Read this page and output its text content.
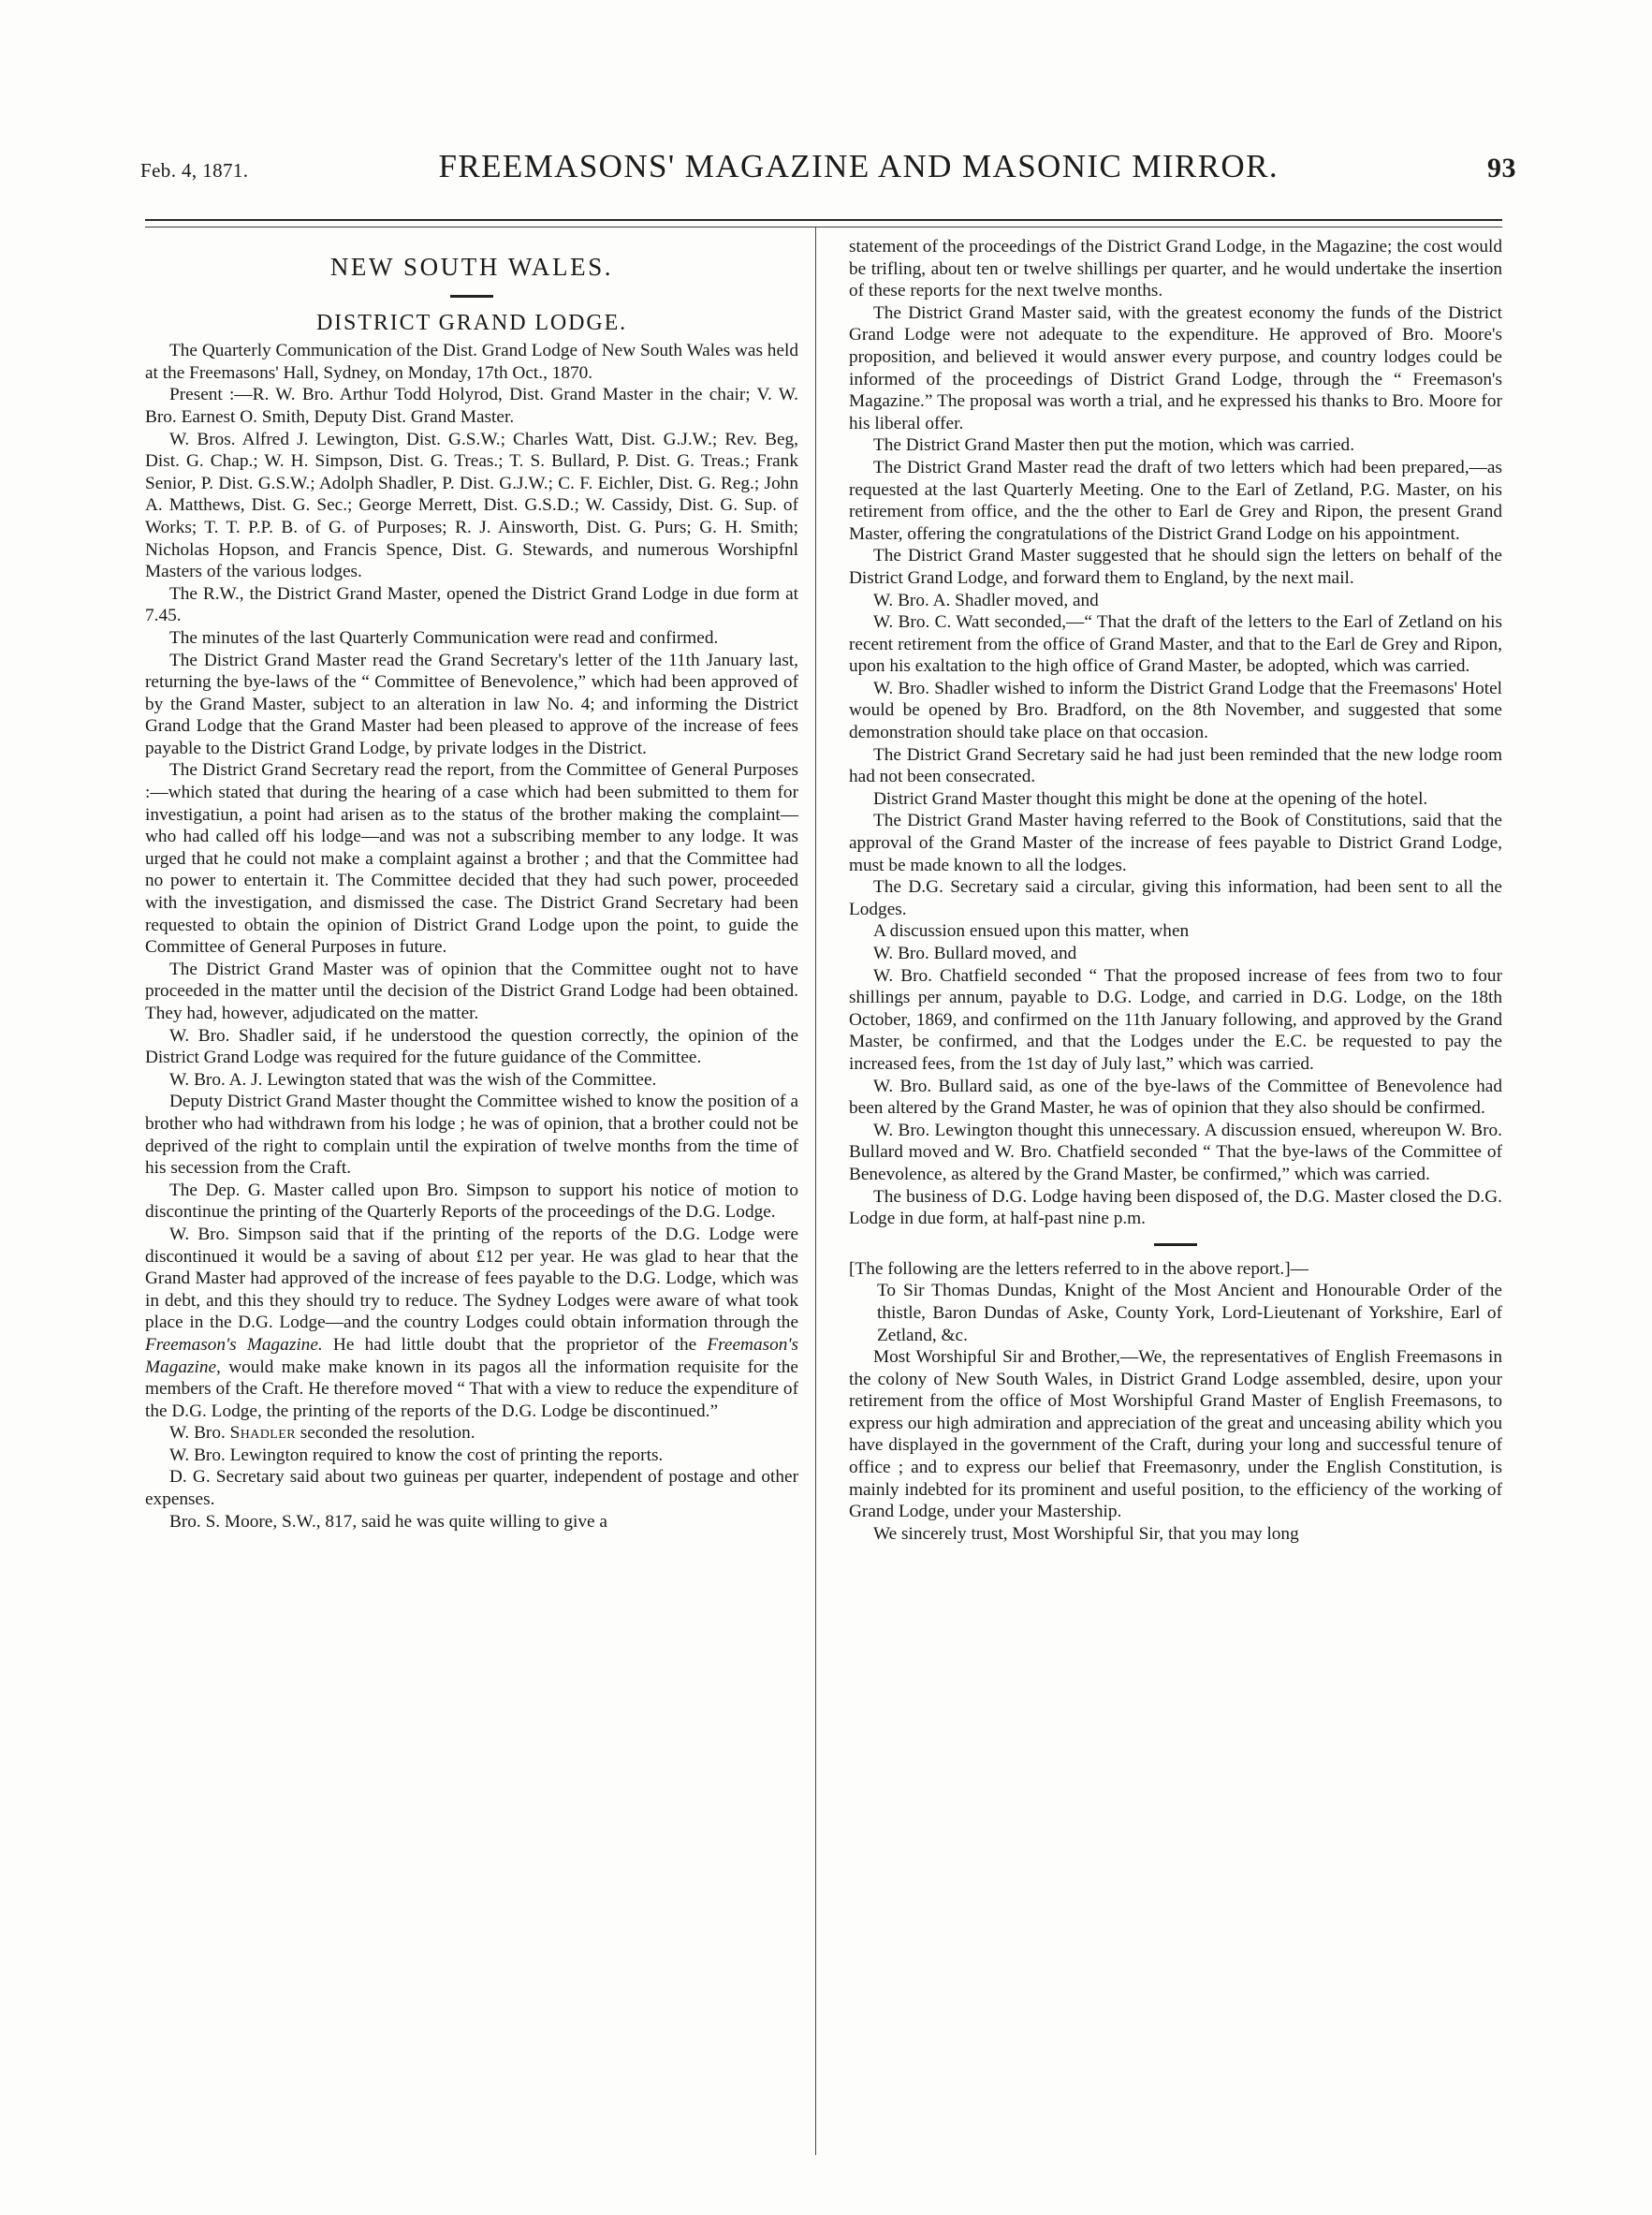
Feb. 4, 1871.	FREEMASONS' MAGAZINE AND MASONIC MIRROR.	93
NEW SOUTH WALES.
DISTRICT GRAND LODGE.

The Quarterly Communication of the Dist. Grand Lodge of New South Wales was held at the Freemasons' Hall, Sydney, on Monday, 17th Oct., 1870.

Present :—R. W. Bro. Arthur Todd Holyrod, Dist. Grand Master in the chair; V. W. Bro. Earnest O. Smith, Deputy Dist. Grand Master.

W. Bros. Alfred J. Lewington, Dist. G.S.W.; Charles Watt, Dist. G.J.W.; Rev. Beg, Dist. G. Chap.; W. H. Simpson, Dist. G. Treas.; T. S. Bullard, P. Dist. G. Treas.; Frank Senior, P. Dist. G.S.W.; Adolph Shadler, P. Dist. G.J.W.; C. F. Eichler, Dist. G. Reg.; John A. Matthews, Dist. G. Sec.; George Merrett, Dist. G.S.D.; W. Cassidy, Dist. G. Sup. of Works; T. T. P.P. B. of G. of Purposes; R. J. Ainsworth, Dist. G. Purs; G. H. Smith; Nicholas Hopson, and Francis Spence, Dist. G. Stewards, and numerous Worshipfnl Masters of the various lodges.

The R.W., the District Grand Master, opened the District Grand Lodge in due form at 7.45.

The minutes of the last Quarterly Communication were read and confirmed.

The District Grand Master read the Grand Secretary's letter of the 11th January last, returning the bye-laws of the “ Committee of Benevolence,” which had been approved of by the Grand Master, subject to an alteration in law No. 4; and informing the District Grand Lodge that the Grand Master had been pleased to approve of the increase of fees payable to the District Grand Lodge, by private lodges in the District.

The District Grand Secretary read the report, from the Committee of General Purposes :—which stated that during the hearing of a case which had been submitted to them for investigatiun, a point had arisen as to the status of the brother making the complaint—who had called off his lodge—and was not a subscribing member to any lodge. It was urged that he could not make a complaint against a brother ; and that the Committee had no power to entertain it. The Committee decided that they had such power, proceeded with the investigation, and dismissed the case. The District Grand Secretary had been requested to obtain the opinion of District Grand Lodge upon the point, to guide the Committee of General Purposes in future.

The District Grand Master was of opinion that the Committee ought not to have proceeded in the matter until the decision of the District Grand Lodge had been obtained. They had, however, adjudicated on the matter.

W. Bro. Shadler said, if he understood the question correctly, the opinion of the District Grand Lodge was required for the future guidance of the Committee.

W. Bro. A. J. Lewington stated that was the wish of the Committee.

Deputy District Grand Master thought the Committee wished to know the position of a brother who had withdrawn from his lodge ; he was of opinion, that a brother could not be deprived of the right to complain until the expiration of twelve months from the time of his secession from the Craft.

The Dep. G. Master called upon Bro. Simpson to support his notice of motion to discontinue the printing of the Quarterly Reports of the proceedings of the D.G. Lodge.

W. Bro. Simpson said that if the printing of the reports of the D.G. Lodge were discontinued it would be a saving of about £12 per year. He was glad to hear that the Grand Master had approved of the increase of fees payable to the D.G. Lodge, which was in debt, and this they should try to reduce. The Sydney Lodges were aware of what took place in the D.G. Lodge—and the country Lodges could obtain information through the Freemason's Magazine. He had little doubt that the proprietor of the Freemason's Magazine, would make make known in its pagos all the information requisite for the members of the Craft. He therefore moved “ That with a view to reduce the expenditure of the D.G. Lodge, the printing of the reports of the D.G. Lodge be discontinued.”

W. Bro. Shadler seconded the resolution.

W. Bro. Lewington required to know the cost of printing the reports.

D. G. Secretary said about two guineas per quarter, independent of postage and other expenses.

Bro. S. Moore, S.W., 817, said he was quite willing to give a

statement of the proceedings of the District Grand Lodge, in the Magazine; the cost would be trifling, about ten or twelve shillings per quarter, and he would undertake the insertion of these reports for the next twelve months.

The District Grand Master said, with the greatest economy the funds of the District Grand Lodge were not adequate to the expenditure. He approved of Bro. Moore's proposition, and believed it would answer every purpose, and country lodges could be informed of the proceedings of District Grand Lodge, through the “ Freemason's Magazine.” The proposal was worth a trial, and he expressed his thanks to Bro. Moore for his liberal offer.

The District Grand Master then put the motion, which was carried.

The District Grand Master read the draft of two letters which had been prepared,—as requested at the last Quarterly Meeting. One to the Earl of Zetland, P.G. Master, on his retirement from office, and the the other to Earl de Grey and Ripon, the present Grand Master, offering the congratulations of the District Grand Lodge on his appointment.

The District Grand Master suggested that he should sign the letters on behalf of the District Grand Lodge, and forward them to England, by the next mail.

W. Bro. A. Shadler moved, and

W. Bro. C. Watt seconded,—“ That the draft of the letters to the Earl of Zetland on his recent retirement from the office of Grand Master, and that to the Earl de Grey and Ripon, upon his exaltation to the high office of Grand Master, be adopted, which was carried.

W. Bro. Shadler wished to inform the District Grand Lodge that the Freemasons' Hotel would be opened by Bro. Bradford, on the 8th November, and suggested that some demonstration should take place on that occasion.

The District Grand Secretary said he had just been reminded that the new lodge room had not been consecrated.

District Grand Master thought this might be done at the opening of the hotel.

The District Grand Master having referred to the Book of Constitutions, said that the approval of the Grand Master of the increase of fees payable to District Grand Lodge, must be made known to all the lodges.

The D.G. Secretary said a circular, giving this information, had been sent to all the Lodges.

A discussion ensued upon this matter, when

W. Bro. Bullard moved, and

W. Bro. Chatfield seconded “ That the proposed increase of fees from two to four shillings per annum, payable to D.G. Lodge, and carried in D.G. Lodge, on the 18th October, 1869, and confirmed on the 11th January following, and approved by the Grand Master, be confirmed, and that the Lodges under the E.C. be requested to pay the increased fees, from the 1st day of July last,” which was carried.

W. Bro. Bullard said, as one of the bye-laws of the Committee of Benevolence had been altered by the Grand Master, he was of opinion that they also should be confirmed.

W. Bro. Lewington thought this unnecessary. A discussion ensued, whereupon W. Bro. Bullard moved and W. Bro. Chatfield seconded “ That the bye-laws of the Committee of Benevolence, as altered by the Grand Master, be confirmed,” which was carried.

The business of D.G. Lodge having been disposed of, the D.G. Master closed the D.G. Lodge in due form, at half-past nine p.m.

[The following are the letters referred to in the above report.]—

To Sir Thomas Dundas, Knight of the Most Ancient and Honourable Order of the thistle, Baron Dundas of Aske, County York, Lord-Lieutenant of Yorkshire, Earl of Zetland, &c.

Most Worshipful Sir and Brother,—We, the representatives of English Freemasons in the colony of New South Wales, in District Grand Lodge assembled, desire, upon your retirement from the office of Most Worshipful Grand Master of English Freemasons, to express our high admiration and appreciation of the great and unceasing ability which you have displayed in the government of the Craft, during your long and successful tenure of office ; and to express our belief that Freemasonry, under the English Constitution, is mainly indebted for its prominent and useful position, to the efficiency of the working of Grand Lodge, under your Mastership.

We sincerely trust, Most Worshipful Sir, that you may long
